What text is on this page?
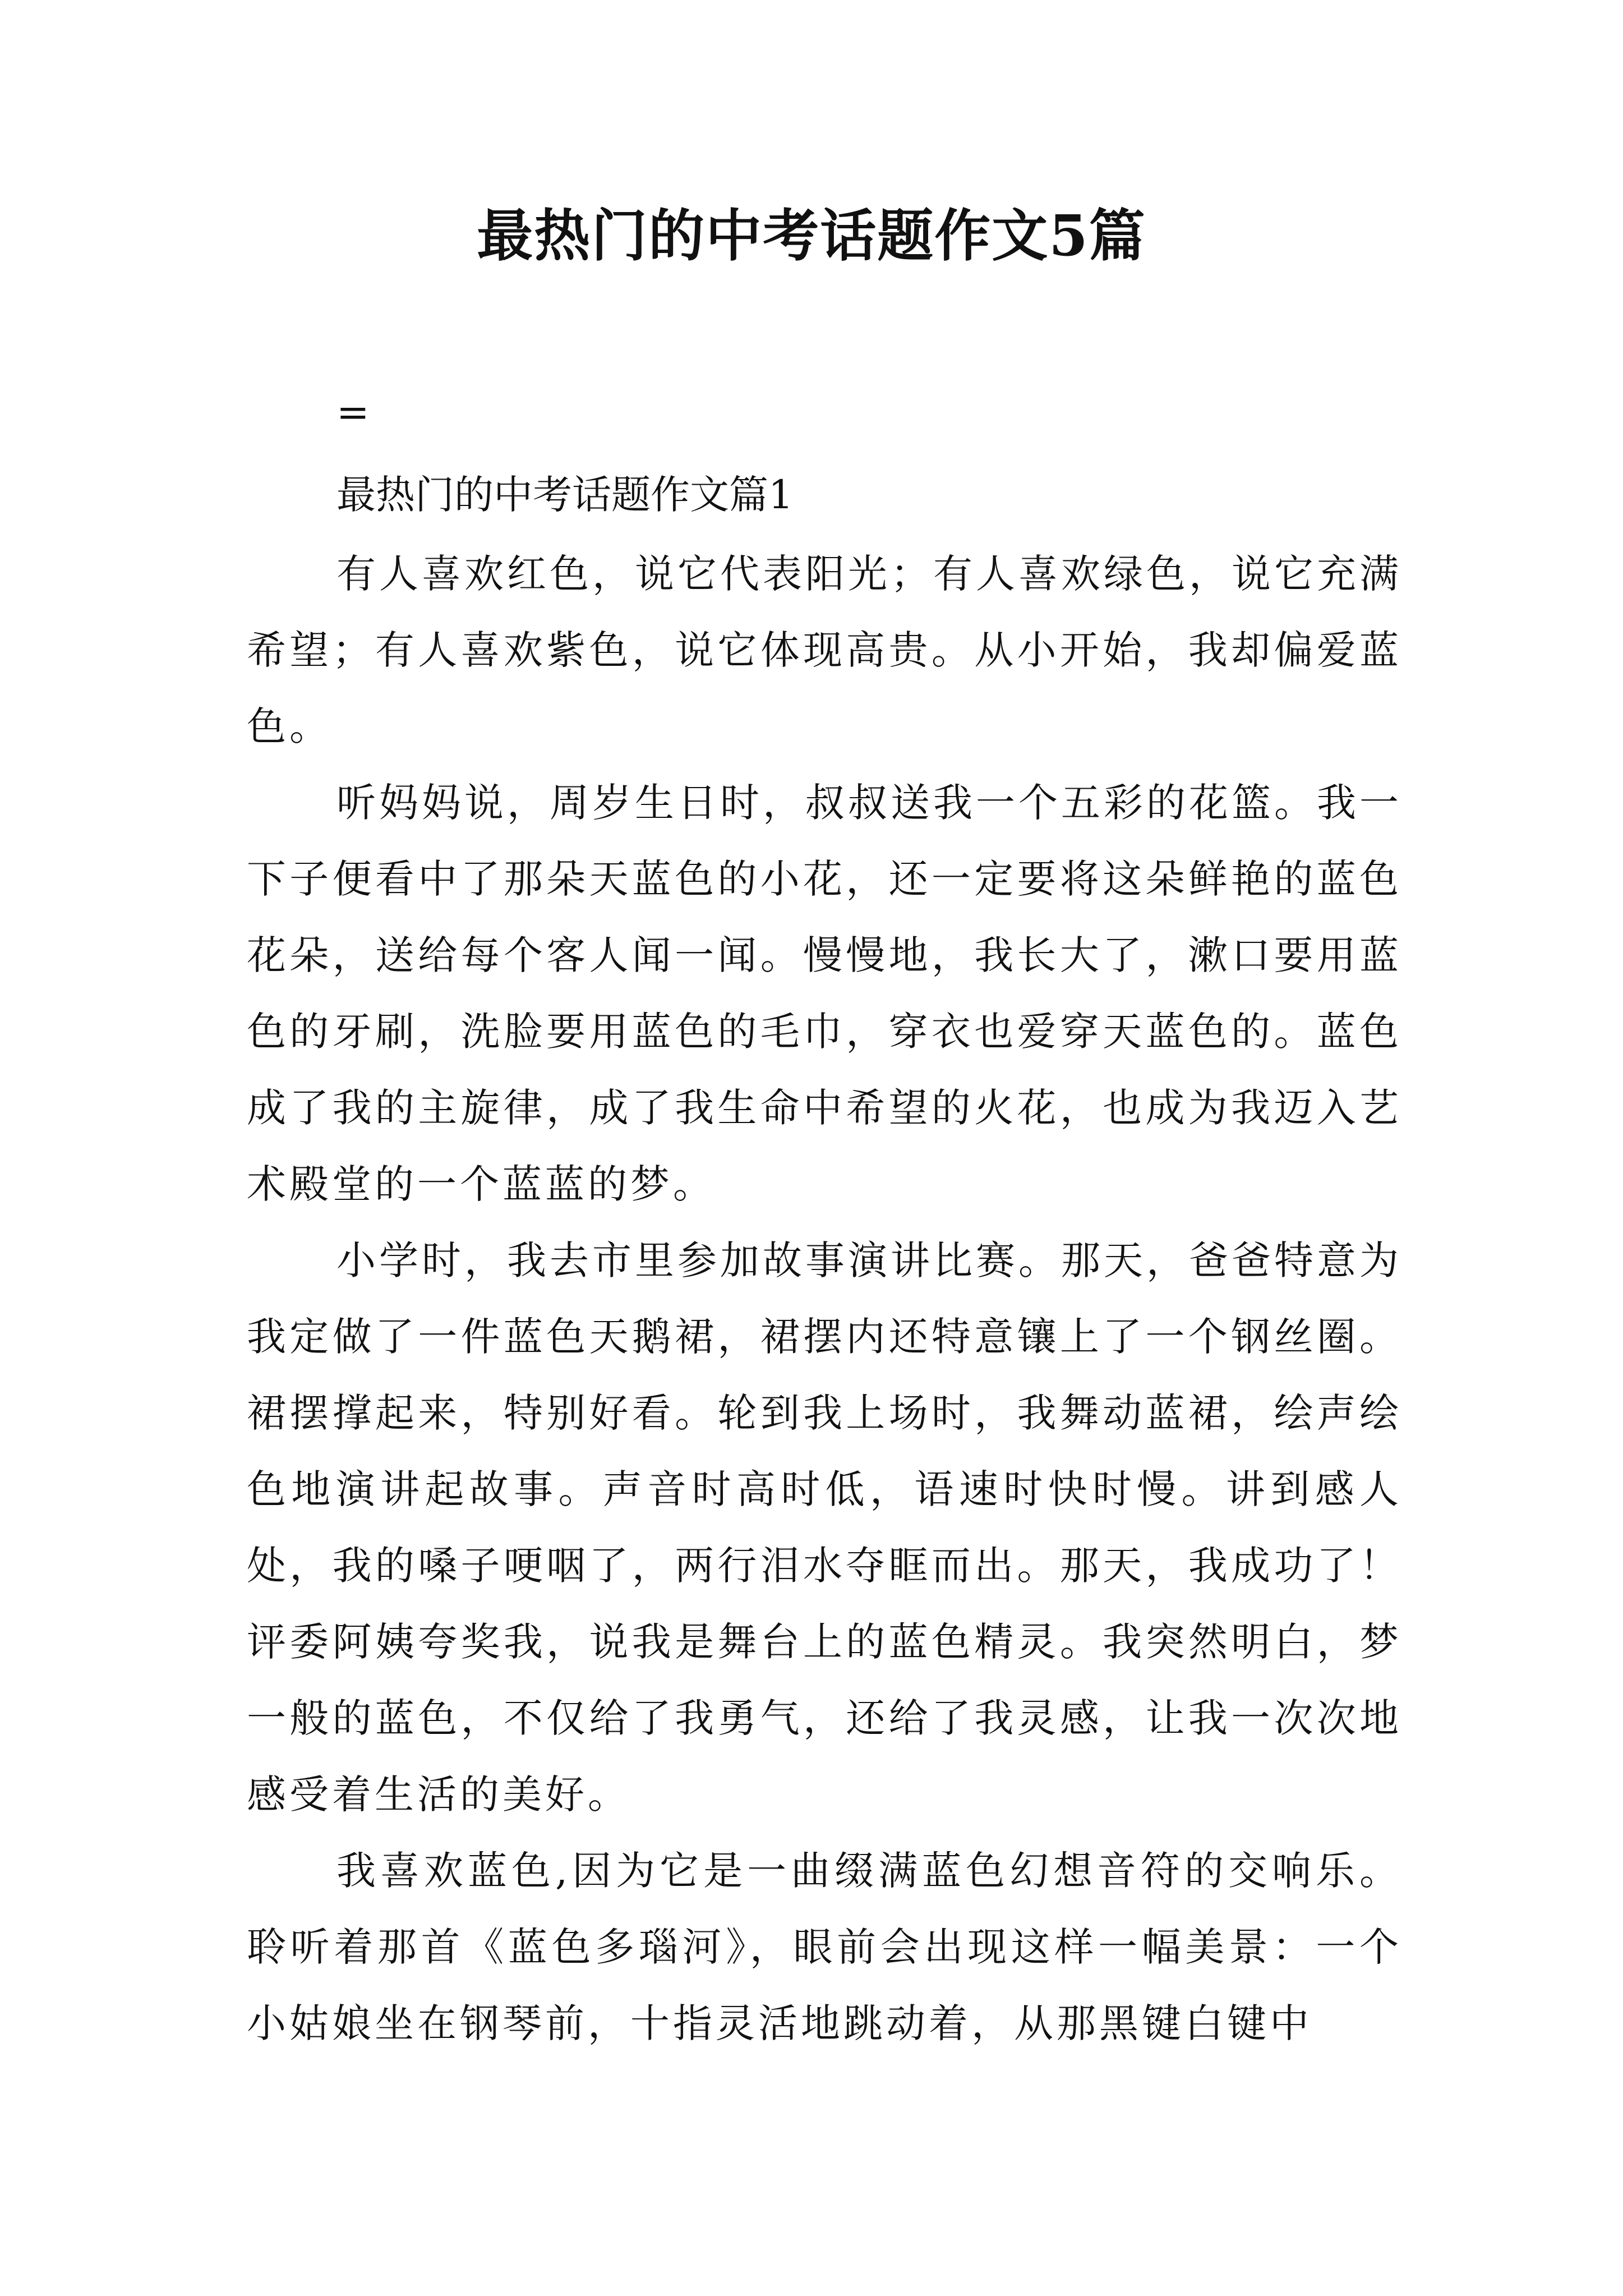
最热门的中考话题作文5篇
=
最热门的中考话题作文篇1

有人喜欢红色，说它代表阳光；有人喜欢绿色，说它充满希望；有人喜欢紫色，说它体现高贵。从小开始，我却偏爱蓝色。

听妈妈说，周岁生日时，叔叔送我一个五彩的花篮。我一下子便看中了那朵天蓝色的小花，还一定要将这朵鲜艳的蓝色花朵，送给每个客人闻一闻。慢慢地，我长大了，漱口要用蓝色的牙刷，洗脸要用蓝色的毛巾，穿衣也爱穿天蓝色的。蓝色成了我的主旋律，成了我生命中希望的火花，也成为我迈入艺术殿堂的一个蓝蓝的梦。

小学时，我去市里参加故事演讲比赛。那天，爸爸特意为我定做了一件蓝色天鹅裙，裙摆内还特意镶上了一个钢丝圈。裙摆撑起来，特别好看。轮到我上场时，我舞动蓝裙，绘声绘色地演讲起故事。声音时高时低，语速时快时慢。讲到感人处，我的嗓子哽咽了，两行泪水夺眶而出。那天，我成功了！评委阿姨夸奖我，说我是舞台上的蓝色精灵。我突然明白，梦一般的蓝色，不仅给了我勇气，还给了我灵感，让我一次次地感受着生活的美好。

我喜欢蓝色,因为它是一曲缀满蓝色幻想音符的交响乐。聆听着那首《蓝色多瑙河》，眼前会出现这样一幅美景：一个小姑娘坐在钢琴前，十指灵活地跳动着，从那黑键白键中
